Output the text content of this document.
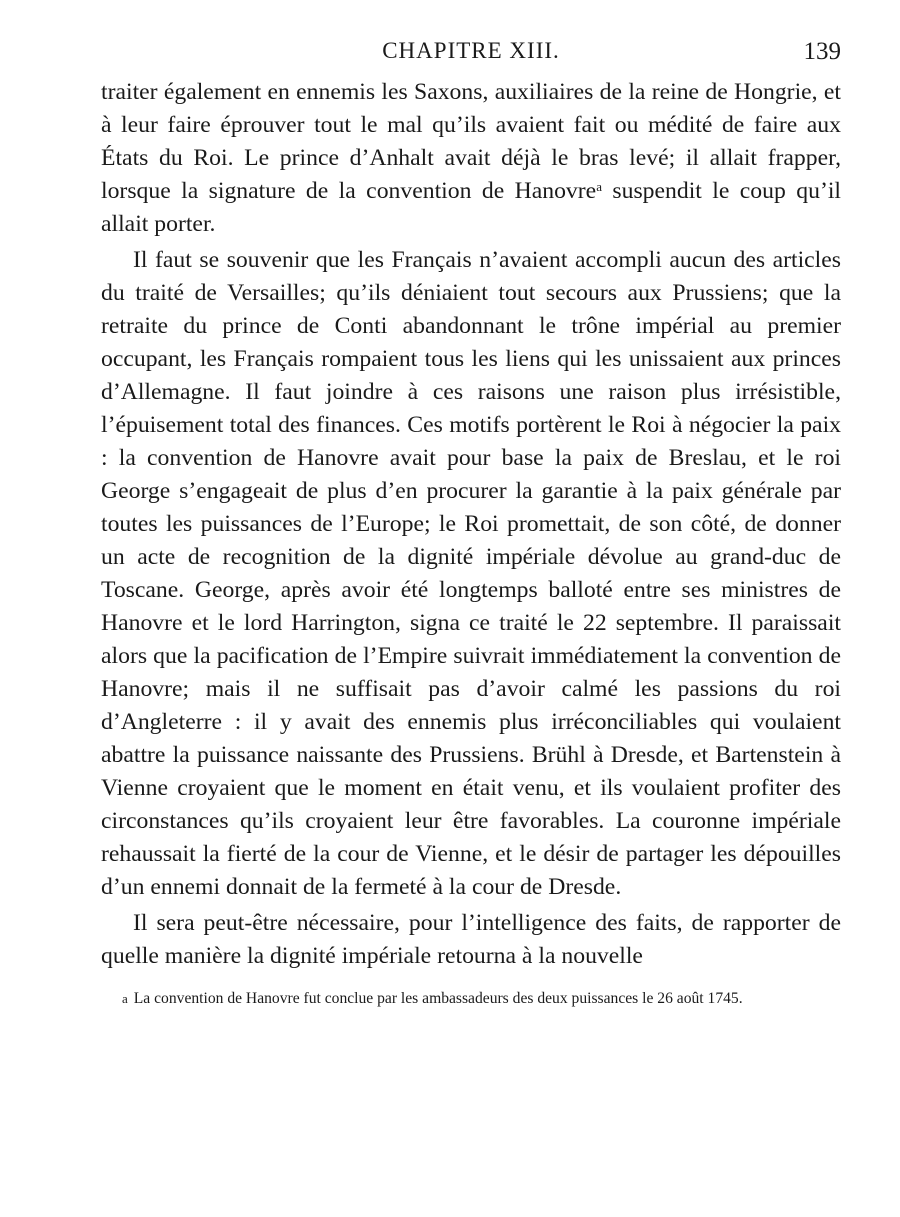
CHAPITRE XIII.	139

traiter également en ennemis les Saxons, auxiliaires de la reine de Hongrie, et à leur faire éprouver tout le mal qu’ils avaient fait ou médité de faire aux États du Roi. Le prince d’Anhalt avait déjà le bras levé; il allait frapper, lorsque la signature de la convention de Hanovre$^a$ suspendit le coup qu’il allait porter.

Il faut se souvenir que les Français n’avaient accompli aucun des articles du traité de Versailles; qu’ils déniaient tout secours aux Prussiens; que la retraite du prince de Conti abandonnant le trône impérial au premier occupant, les Français rompaient tous les liens qui les unissaient aux princes d’Allemagne. Il faut joindre à ces raisons une raison plus irrésistible, l’épuisement total des finances. Ces motifs portèrent le Roi à négocier la paix : la convention de Hanovre avait pour base la paix de Breslau, et le roi George s’engageait de plus d’en procurer la garantie à la paix générale par toutes les puissances de l’Europe; le Roi promettait, de son côté, de donner un acte de recognition de la dignité impériale dévolue au grand-duc de Toscane. George, après avoir été longtemps balloté entre ses ministres de Hanovre et le lord Harrington, signa ce traité le 22 septembre. Il paraissait alors que la pacification de l’Empire suivrait immédiatement la convention de Hanovre; mais il ne suffisait pas d’avoir calmé les passions du roi d’Angleterre : il y avait des ennemis plus irréconciliables qui voulaient abattre la puissance naissante des Prussiens. Brühl à Dresde, et Bartenstein à Vienne croyaient que le moment en était venu, et ils voulaient profiter des circonstances qu’ils croyaient leur être favorables. La couronne impériale rehaussait la fierté de la cour de Vienne, et le désir de partager les dépouilles d’un ennemi donnait de la fermeté à la cour de Dresde.

Il sera peut-être nécessaire, pour l’intelligence des faits, de rapporter de quelle manière la dignité impériale retourna à la nouvelle

a La convention de Hanovre fut conclue par les ambassadeurs des deux puissances le 26 août 1745.
